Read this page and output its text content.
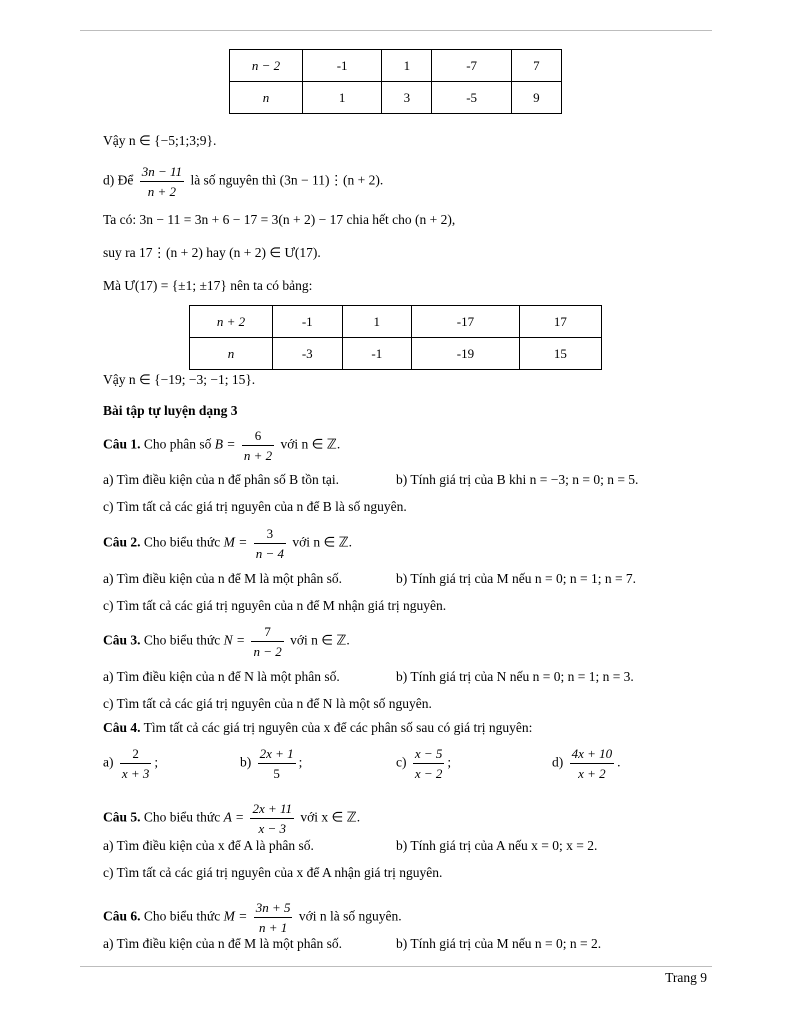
n − 2	-1	1	-7	7
n	1	3	-5	9
Vậy n ∈ {−5;1;3;9}.
d) Để $\frac{3n - 11}{n + 2}$ là số nguyên thì (3n − 11)⋮(n + 2).
Ta có: 3n − 11 = 3n + 6 − 17 = 3(n + 2) − 17 chia hết cho (n + 2),
suy ra 17⋮(n + 2) hay (n + 2) ∈ Ư(17).
Mà Ư(17) = {±1; ±17} nên ta có bảng:
n + 2	-1	1	-17	17
n	-3	-1	-19	15
Vậy n ∈ {−19; −3; −1; 15}.
Bài tập tự luyện dạng 3
Câu 1. Cho phân số $B = \frac{6}{n + 2}$ với n ∈ ℤ.
a) Tìm điều kiện của n để phân số B tồn tại.	b) Tính giá trị của B khi n = −3; n = 0; n = 5.
c) Tìm tất cả các giá trị nguyên của n để B là số nguyên.
Câu 2. Cho biểu thức $M = \frac{3}{n - 4}$ với n ∈ ℤ.
a) Tìm điều kiện của n để M là một phân số.	b) Tính giá trị của M nếu n = 0; n = 1; n = 7.
c) Tìm tất cả các giá trị nguyên của n để M nhận giá trị nguyên.
Câu 3. Cho biểu thức $N = \frac{7}{n - 2}$ với n ∈ ℤ.
a) Tìm điều kiện của n để N là một phân số.	b) Tính giá trị của N nếu n = 0; n = 1; n = 3.
c) Tìm tất cả các giá trị nguyên của n để N là một số nguyên.
Câu 4. Tìm tất cả các giá trị nguyên của x để các phân số sau có giá trị nguyên:
$a) \frac{2}{x + 3}$ ;	$b) \frac{2x + 1}{5}$ ;	$c) \frac{x - 5}{x - 2}$ ;	$d) \frac{4x + 10}{x + 2}$ .
Câu 5. Cho biểu thức $A = \frac{2x + 11}{x - 3}$ với x ∈ ℤ.
a) Tìm điều kiện của x để A là phân số.	b) Tính giá trị của A nếu x = 0; x = 2.
c) Tìm tất cả các giá trị nguyên của x để A nhận giá trị nguyên.
Câu 6. Cho biểu thức $M = \frac{3n + 5}{n + 1}$ với n là số nguyên.
a) Tìm điều kiện của n để M là một phân số.	b) Tính giá trị của M nếu n = 0; n = 2.
Trang 9
